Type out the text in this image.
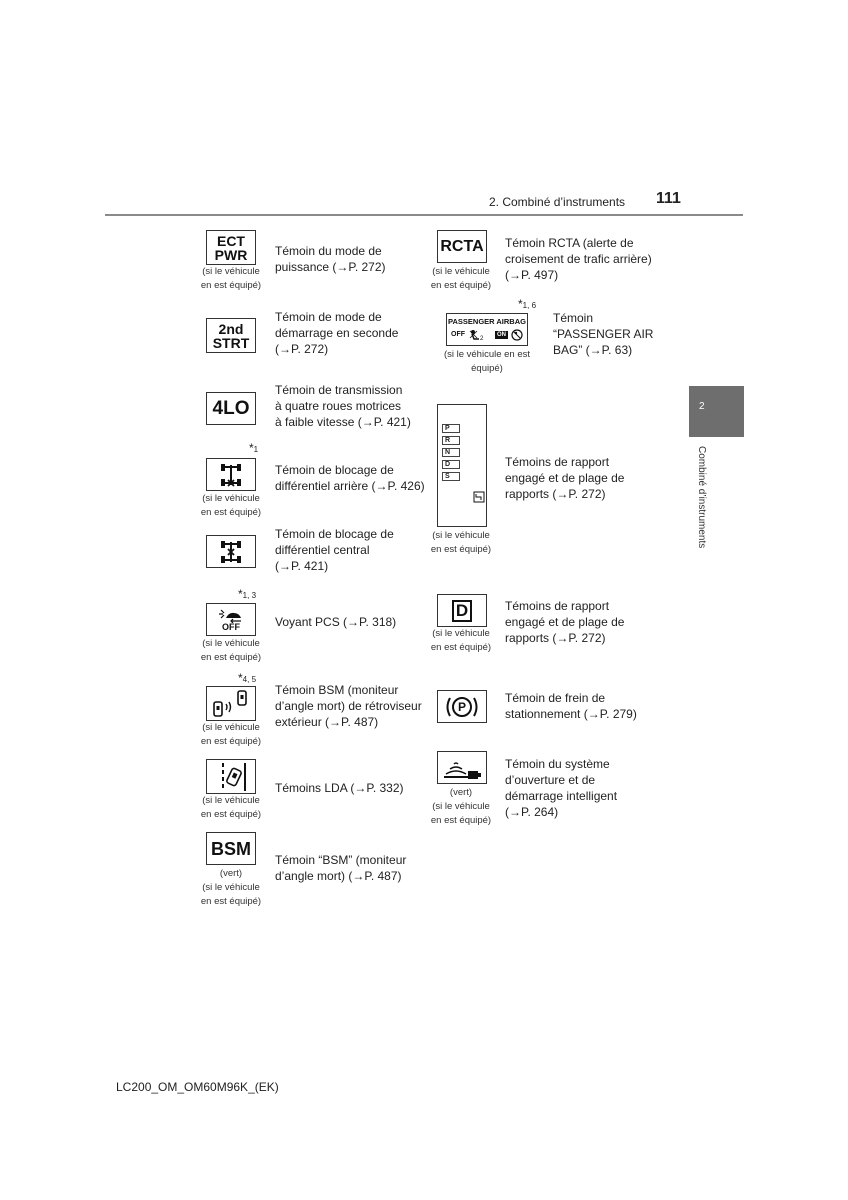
2. Combiné d’instruments 111
2
Combiné d’instruments
ECT
PWR
(si le véhicule
en est équipé)
Témoin du mode de
puissance (→P. 272)
2nd
STRT
Témoin de mode de
démarrage en seconde
(→P. 272)
4LO
Témoin de transmission
à quatre roues motrices
à faible vitesse (→P. 421)
*1
(si le véhicule
en est équipé)
Témoin de blocage de
différentiel arrière (→P. 426)
Témoin de blocage de
différentiel central
(→P. 421)
*1, 3
OFF
(si le véhicule
en est équipé)
Voyant PCS (→P. 318)
*4, 5
(si le véhicule
en est équipé)
Témoin BSM (moniteur
d’angle mort) de rétroviseur
extérieur (→P. 487)
(si le véhicule
en est équipé)
Témoins LDA (→P. 332)
BSM
(vert)
(si le véhicule
en est équipé)
Témoin “BSM” (moniteur
d’angle mort) (→P. 487)
RCTA
(si le véhicule
en est équipé)
Témoin RCTA (alerte de
croisement de trafic arrière)
(→P. 497)
*1, 6
PASSENGER AIRBAG
OFF
2
ON
(si le véhicule en est
équipé)
Témoin
“PASSENGER AIR
BAG” (→P. 63)
P
R
N
D
S
(si le véhicule
en est équipé)
Témoins de rapport
engagé et de plage de
rapports (→P. 272)
D
(si le véhicule
en est équipé)
Témoins de rapport
engagé et de plage de
rapports (→P. 272)
P
Témoin de frein de
stationnement (→P. 279)
(vert)
(si le véhicule
en est équipé)
Témoin du système
d’ouverture et de
démarrage intelligent
(→P. 264)
LC200_OM_OM60M96K_(EK)
